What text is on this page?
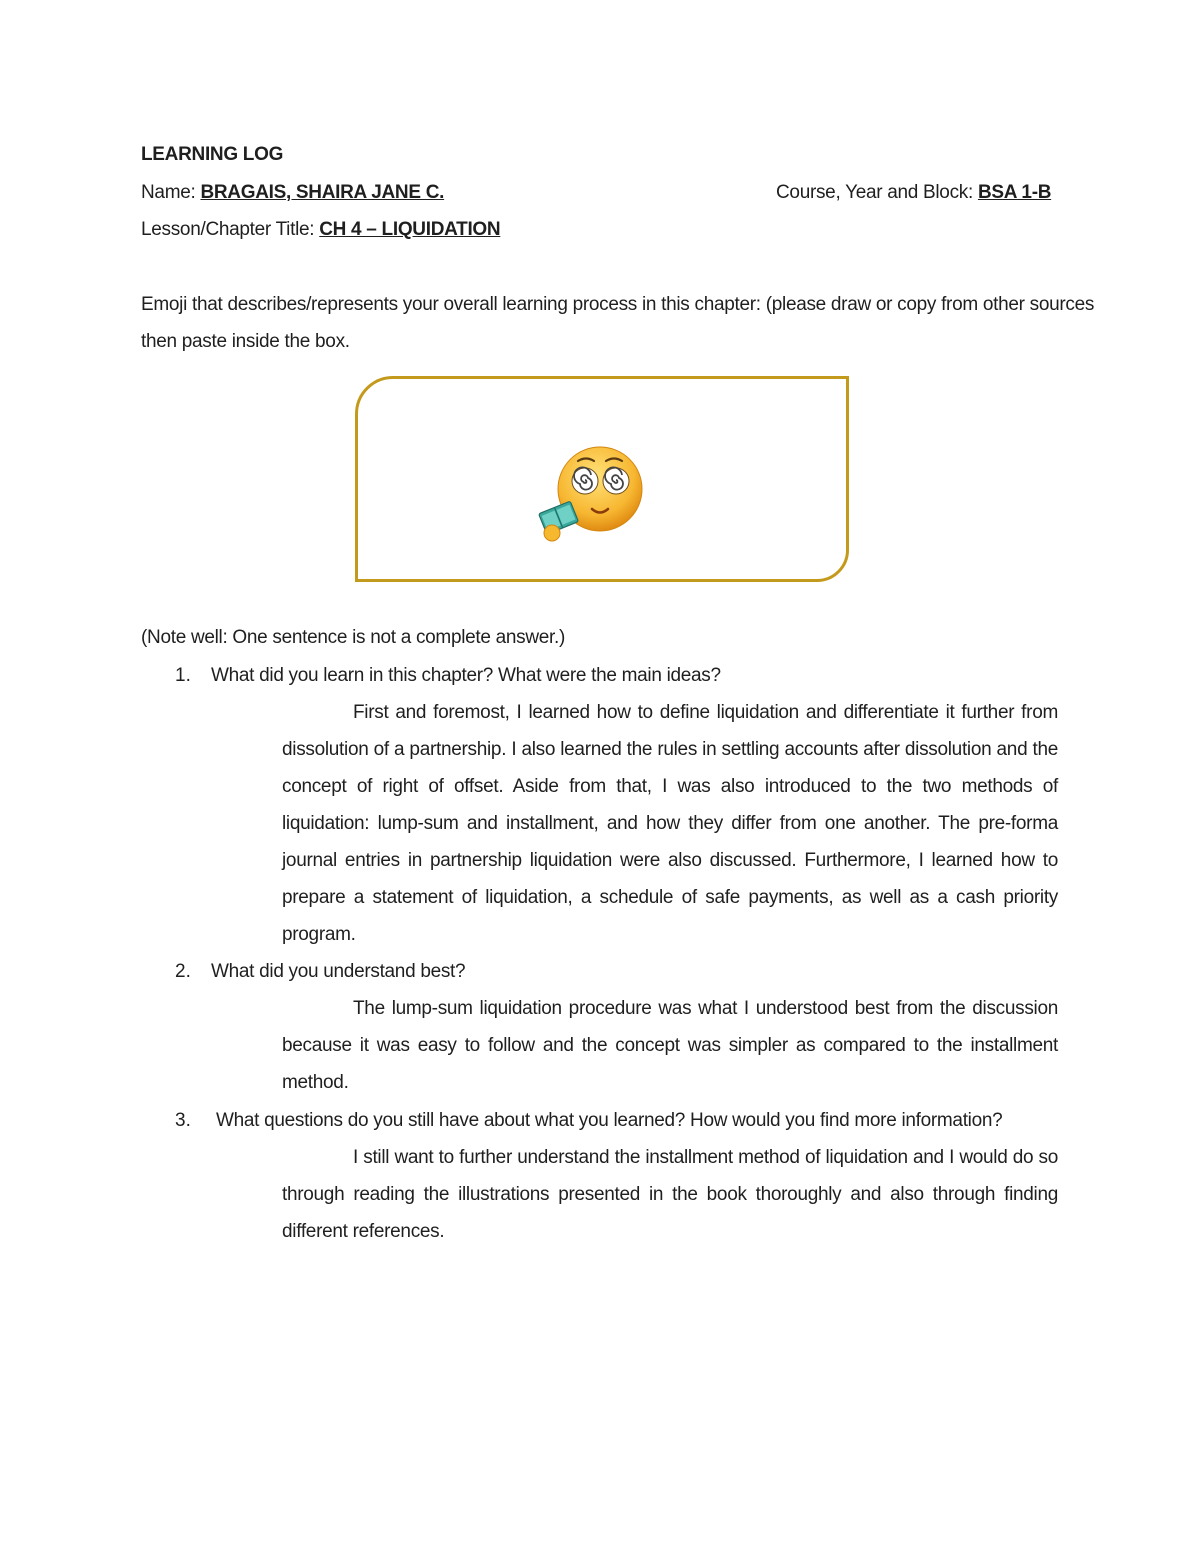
LEARNING LOG
Name: BRAGAIS, SHAIRA JANE C.	Course, Year and Block: BSA 1-B
Lesson/Chapter Title: CH 4 – LIQUIDATION
Emoji that describes/represents your overall learning process in this chapter: (please draw or copy from other sources
then paste inside the box.
(Note well: One sentence is not a complete answer.)
1. What did you learn in this chapter? What were the main ideas?
First and foremost, I learned how to define liquidation and differentiate it further from dissolution of a partnership. I also learned the rules in settling accounts after dissolution and the concept of right of offset. Aside from that, I was also introduced to the two methods of liquidation: lump-sum and installment, and how they differ from one another. The pre-forma journal entries in partnership liquidation were also discussed. Furthermore, I learned how to prepare a statement of liquidation, a schedule of safe payments, as well as a cash priority program.
2. What did you understand best?
The lump-sum liquidation procedure was what I understood best from the discussion because it was easy to follow and the concept was simpler as compared to the installment method.
3. What questions do you still have about what you learned? How would you find more information?
I still want to further understand the installment method of liquidation and I would do so through reading the illustrations presented in the book thoroughly and also through finding different references.
